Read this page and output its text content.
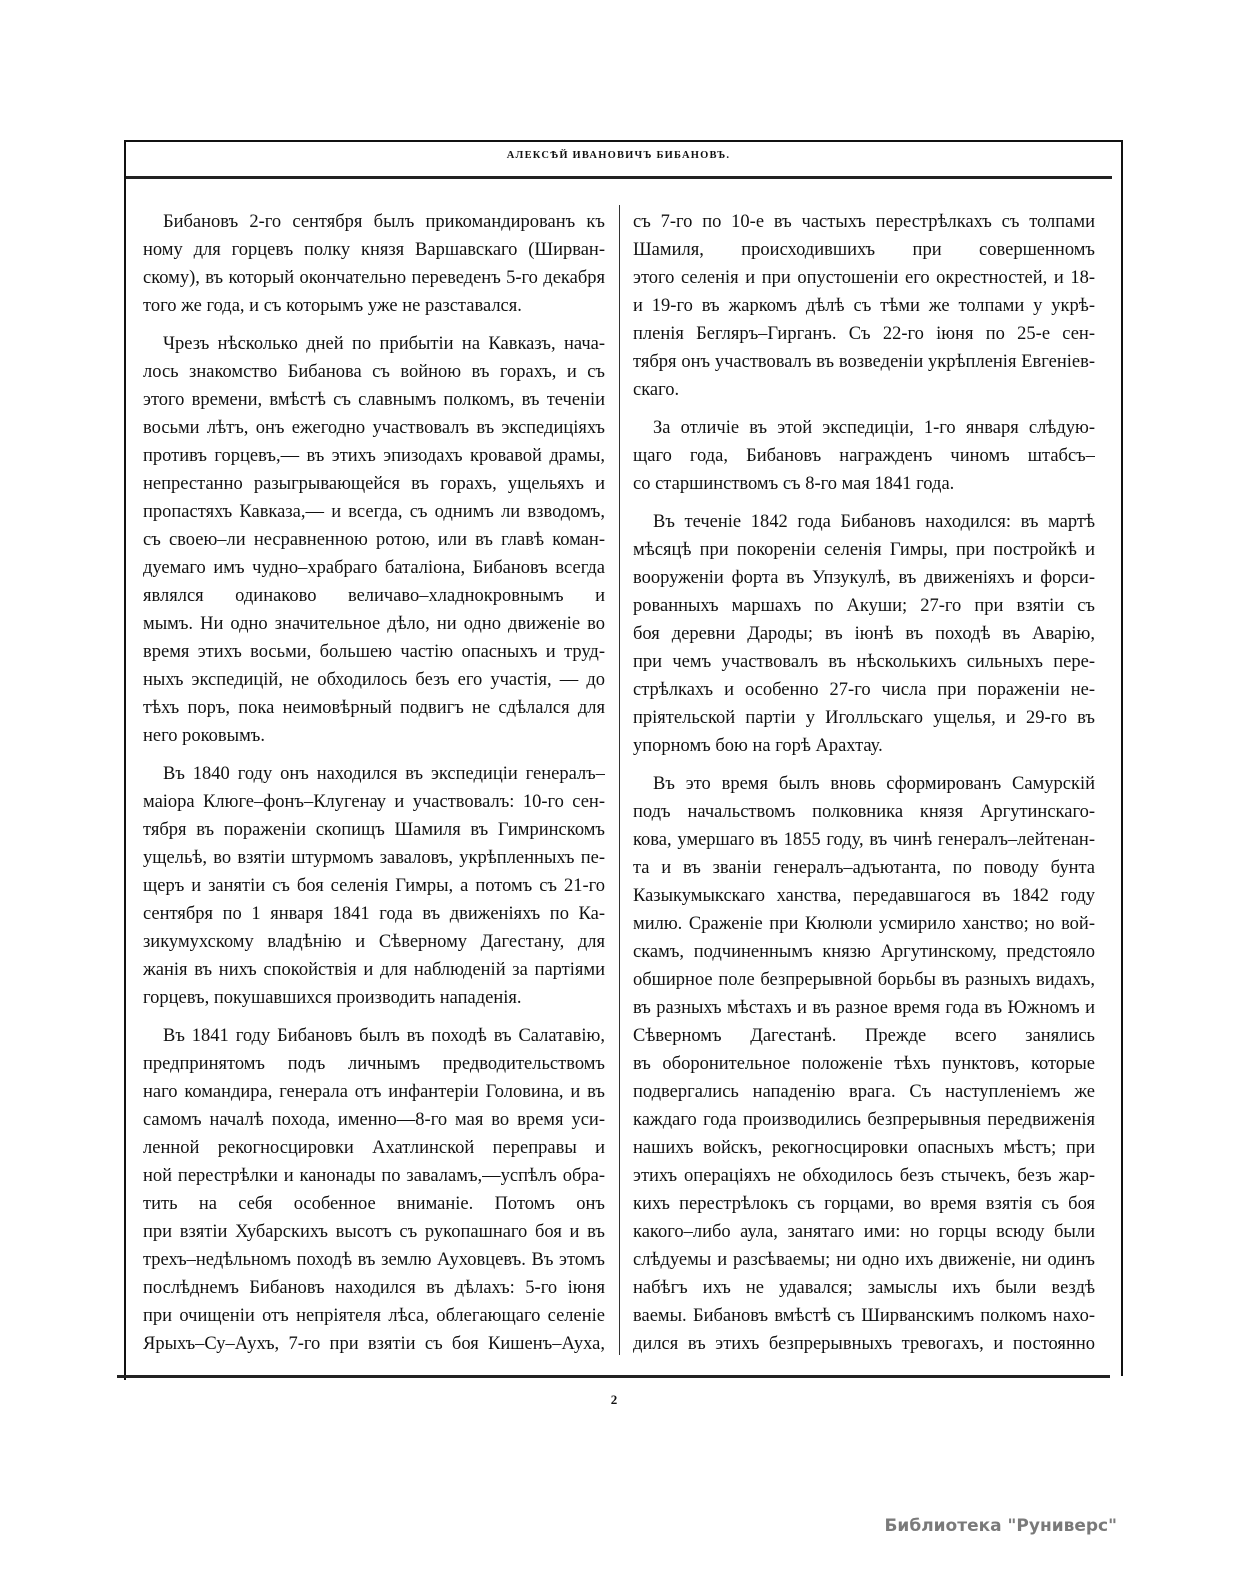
АЛЕКСѢЙ ИВАНОВИЧЪ БИБАНОВЪ.
Бибановъ 2-го сентября былъ прикомандированъ къ
ному для горцевъ полку князя Варшавскаго (Ширван-
скому), въ который окончательно переведенъ 5-го декабря
того же года, и съ которымъ уже не разставался.
Чрезъ нѣсколько дней по прибытіи на Кавказъ, нача-
лось знакомство Бибанова съ войною въ горахъ, и съ
этого времени, вмѣстѣ съ славнымъ полкомъ, въ теченіи
восьми лѣтъ, онъ ежегодно участвовалъ въ экспедиціяхъ
противъ горцевъ,— въ этихъ эпизодахъ кровавой драмы,
непрестанно разыгрывающейся въ горахъ, ущельяхъ и
пропастяхъ Кавказа,— и всегда, съ однимъ ли взводомъ,
съ своею–ли несравненною ротою, или въ главѣ коман-
дуемаго имъ чудно–храбраго баталіона, Бибановъ всегда
являлся одинаково величаво–хладнокровнымъ и
мымъ. Ни одно значительное дѣло, ни одно движеніе во
время этихъ восьми, большею частію опасныхъ и труд-
ныхъ экспедицій, не обходилось безъ его участія, — до
тѣхъ поръ, пока неимовѣрный подвигъ не сдѣлался для
него роковымъ.
Въ 1840 году онъ находился въ экспедиціи генералъ–
маіора Клюге–фонъ–Клугенау и участвовалъ: 10-го сен-
тября въ пораженіи скопищъ Шамиля въ Гимринскомъ
ущельѣ, во взятіи штурмомъ заваловъ, укрѣпленныхъ пе-
щеръ и занятіи съ боя селенія Гимры, а потомъ съ 21-го
сентября по 1 января 1841 года въ движеніяхъ по Ка-
зикумухскому владѣнію и Сѣверному Дагестану, для
жанія въ нихъ спокойствія и для наблюденій за партіями
горцевъ, покушавшихся производить нападенія.
Въ 1841 году Бибановъ былъ въ походѣ въ Салатавію,
предпринятомъ подъ личнымъ предводительствомъ
наго командира, генерала отъ инфантеріи Головина, и въ
самомъ началѣ похода, именно—8-го мая во время уси-
ленной рекогносцировки Ахатлинской переправы и
ной перестрѣлки и канонады по заваламъ,—успѣлъ обра-
тить на себя особенное вниманіе. Потомъ онъ
при взятіи Хубарскихъ высотъ съ рукопашнаго боя и въ
трехъ–недѣльномъ походѣ въ землю Ауховцевъ. Въ этомъ
послѣднемъ Бибановъ находился въ дѣлахъ: 5-го іюня
при очищеніи отъ непріятеля лѣса, облегающаго селеніе
Ярыхъ–Су–Аухъ, 7-го при взятіи съ боя Кишенъ–Ауха,
съ 7-го по 10-е въ частыхъ перестрѣлкахъ съ толпами
Шамиля, происходившихъ при совершенномъ
этого селенія и при опустошеніи его окрестностей, и 18-
и 19-го въ жаркомъ дѣлѣ съ тѣми же толпами у укрѣ-
пленія Бегляръ–Гирганъ. Съ 22-го іюня по 25-е сен-
тября онъ участвовалъ въ возведеніи укрѣпленія Евгеніев-
скаго.
За отличіе въ этой экспедиціи, 1-го января слѣдую-
щаго года, Бибановъ награжденъ чиномъ штабсъ–
со старшинствомъ съ 8-го мая 1841 года.
Въ теченіе 1842 года Бибановъ находился: въ мартѣ
мѣсяцѣ при покореніи селенія Гимры, при постройкѣ и
вооруженіи форта въ Упзукулѣ, въ движеніяхъ и форси-
рованныхъ маршахъ по Акуши; 27-го при взятіи съ
боя деревни Дароды; въ іюнѣ въ походѣ въ Аварію,
при чемъ участвовалъ въ нѣсколькихъ сильныхъ пере-
стрѣлкахъ и особенно 27-го числа при пораженіи не-
пріятельской партіи у Иголльскаго ущелья, и 29-го въ
упорномъ бою на горѣ Арахтау.
Въ это время былъ вновь сформированъ Самурскій
подъ начальствомъ полковника князя Аргутинскаго-
кова, умершаго въ 1855 году, въ чинѣ генералъ–лейтенан-
та и въ званіи генералъ–адъютанта, по поводу бунта
Казыкумыкскаго ханства, передавшагося въ 1842 году
милю. Сраженіе при Кюлюли усмирило ханство; но вой-
скамъ, подчиненнымъ князю Аргутинскому, предстояло
обширное поле безпрерывной борьбы въ разныхъ видахъ,
въ разныхъ мѣстахъ и въ разное время года въ Южномъ и
Сѣверномъ Дагестанѣ. Прежде всего занялись
въ оборонительное положеніе тѣхъ пунктовъ, которые
подвергались нападенію врага. Съ наступленіемъ же
каждаго года производились безпрерывныя передвиженія
нашихъ войскъ, рекогносцировки опасныхъ мѣстъ; при
этихъ операціяхъ не обходилось безъ стычекъ, безъ жар-
кихъ перестрѣлокъ съ горцами, во время взятія съ боя
какого–либо аула, занятаго ими: но горцы всюду были
слѣдуемы и разсѣваемы; ни одно ихъ движеніе, ни одинъ
набѣгъ ихъ не удавался; замыслы ихъ были вездѣ
ваемы. Бибановъ вмѣстѣ съ Ширванскимъ полкомъ нахо-
дился въ этихъ безпрерывныхъ тревогахъ, и постоянно
2
Библиотека "Руниверс"
